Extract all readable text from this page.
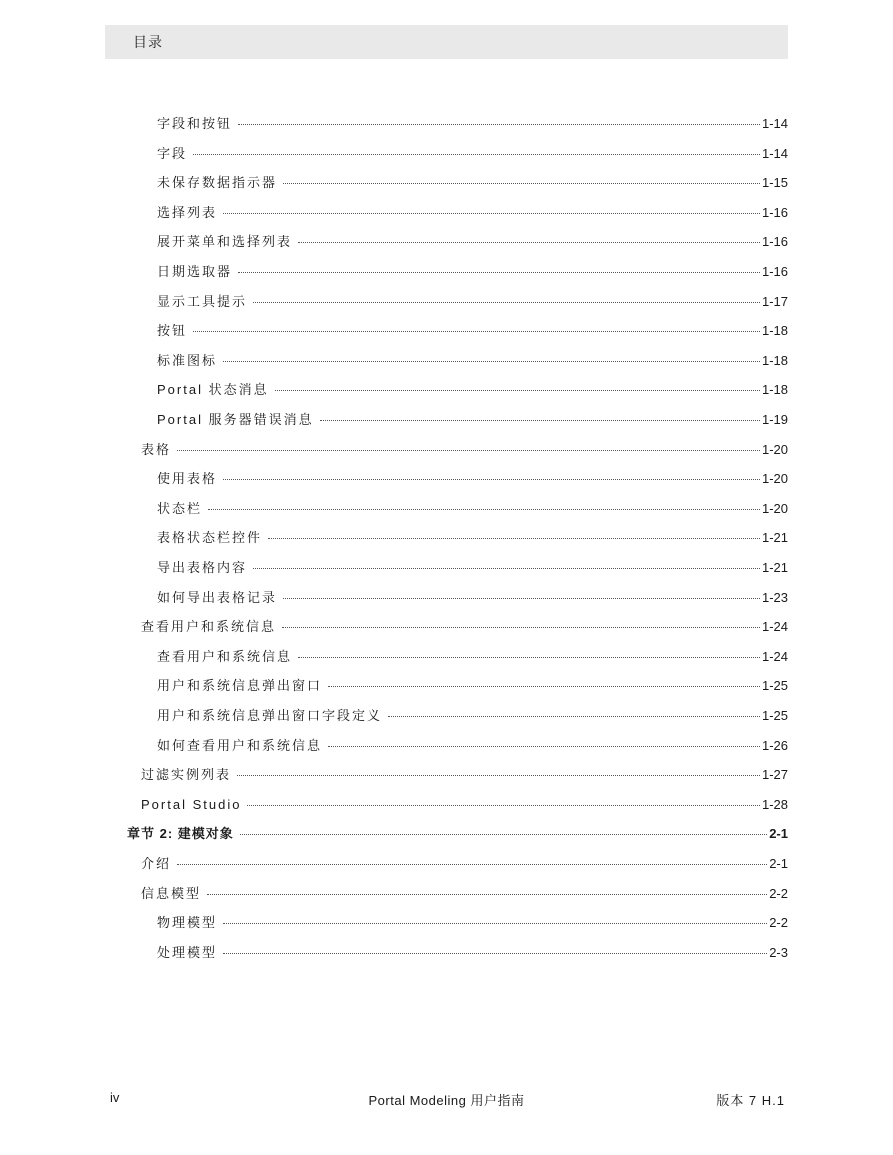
目录
字段和按钮	1-14
字段	1-14
未保存数据指示器	1-15
选择列表	1-16
展开菜单和选择列表	1-16
日期选取器	1-16
显示工具提示	1-17
按钮	1-18
标准图标	1-18
Portal 状态消息	1-18
Portal 服务器错误消息	1-19
表格	1-20
使用表格	1-20
状态栏	1-20
表格状态栏控件	1-21
导出表格内容	1-21
如何导出表格记录	1-23
查看用户和系统信息	1-24
查看用户和系统信息	1-24
用户和系统信息弹出窗口	1-25
用户和系统信息弹出窗口字段定义	1-25
如何查看用户和系统信息	1-26
过滤实例列表	1-27
Portal Studio	1-28
章节 2: 建模对象	2-1
介绍	2-1
信息模型	2-2
物理模型	2-2
处理模型	2-3
iv	Portal Modeling 用户指南	版本 7 H.1
